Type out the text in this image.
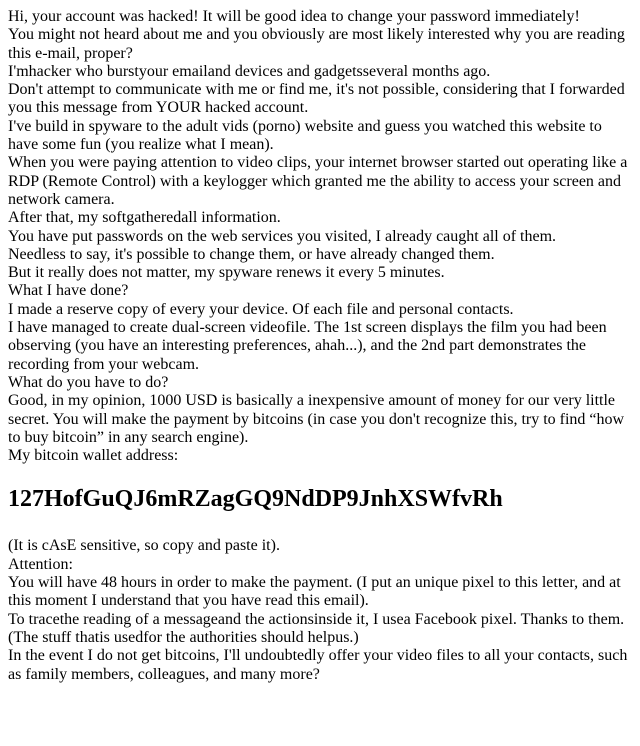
Hi, your account was hacked! It will be good idea to change your password immediately!
You might not heard about me and you obviously are most likely interested why you are reading this e-mail, proper?
I'mhacker who burstyour emailand devices and gadgetsseveral months ago.
Don't attempt to communicate with me or find me, it's not possible, considering that I forwarded you this message from YOUR hacked account.
I've build in spyware to the adult vids (porno) website and guess you watched this website to have some fun (you realize what I mean).
When you were paying attention to video clips, your internet browser started out operating like a RDP (Remote Control) with a keylogger which granted me the ability to access your screen and network camera.
After that, my softgatheredall information.
You have put passwords on the web services you visited, I already caught all of them.
Needless to say, it's possible to change them, or have already changed them.
But it really does not matter, my spyware renews it every 5 minutes.
What I have done?
I made a reserve copy of every your device. Of each file and personal contacts.
I have managed to create dual-screen videofile. The 1st screen displays the film you had been observing (you have an interesting preferences, ahah...), and the 2nd part demonstrates the recording from your webcam.
What do you have to do?
Good, in my opinion, 1000 USD is basically a inexpensive amount of money for our very little secret. You will make the payment by bitcoins (in case you don't recognize this, try to find “how to buy bitcoin” in any search engine).
My bitcoin wallet address:
127HofGuQJ6mRZagGQ9NdDP9JnhXSWfvRh
(It is cAsE sensitive, so copy and paste it).
Attention:
You will have 48 hours in order to make the payment. (I put an unique pixel to this letter, and at this moment I understand that you have read this email).
To tracethe reading of a messageand the actionsinside it, I usea Facebook pixel. Thanks to them. (The stuff thatis usedfor the authorities should helpus.)
In the event I do not get bitcoins, I'll undoubtedly offer your video files to all your contacts, such as family members, colleagues, and many more?
